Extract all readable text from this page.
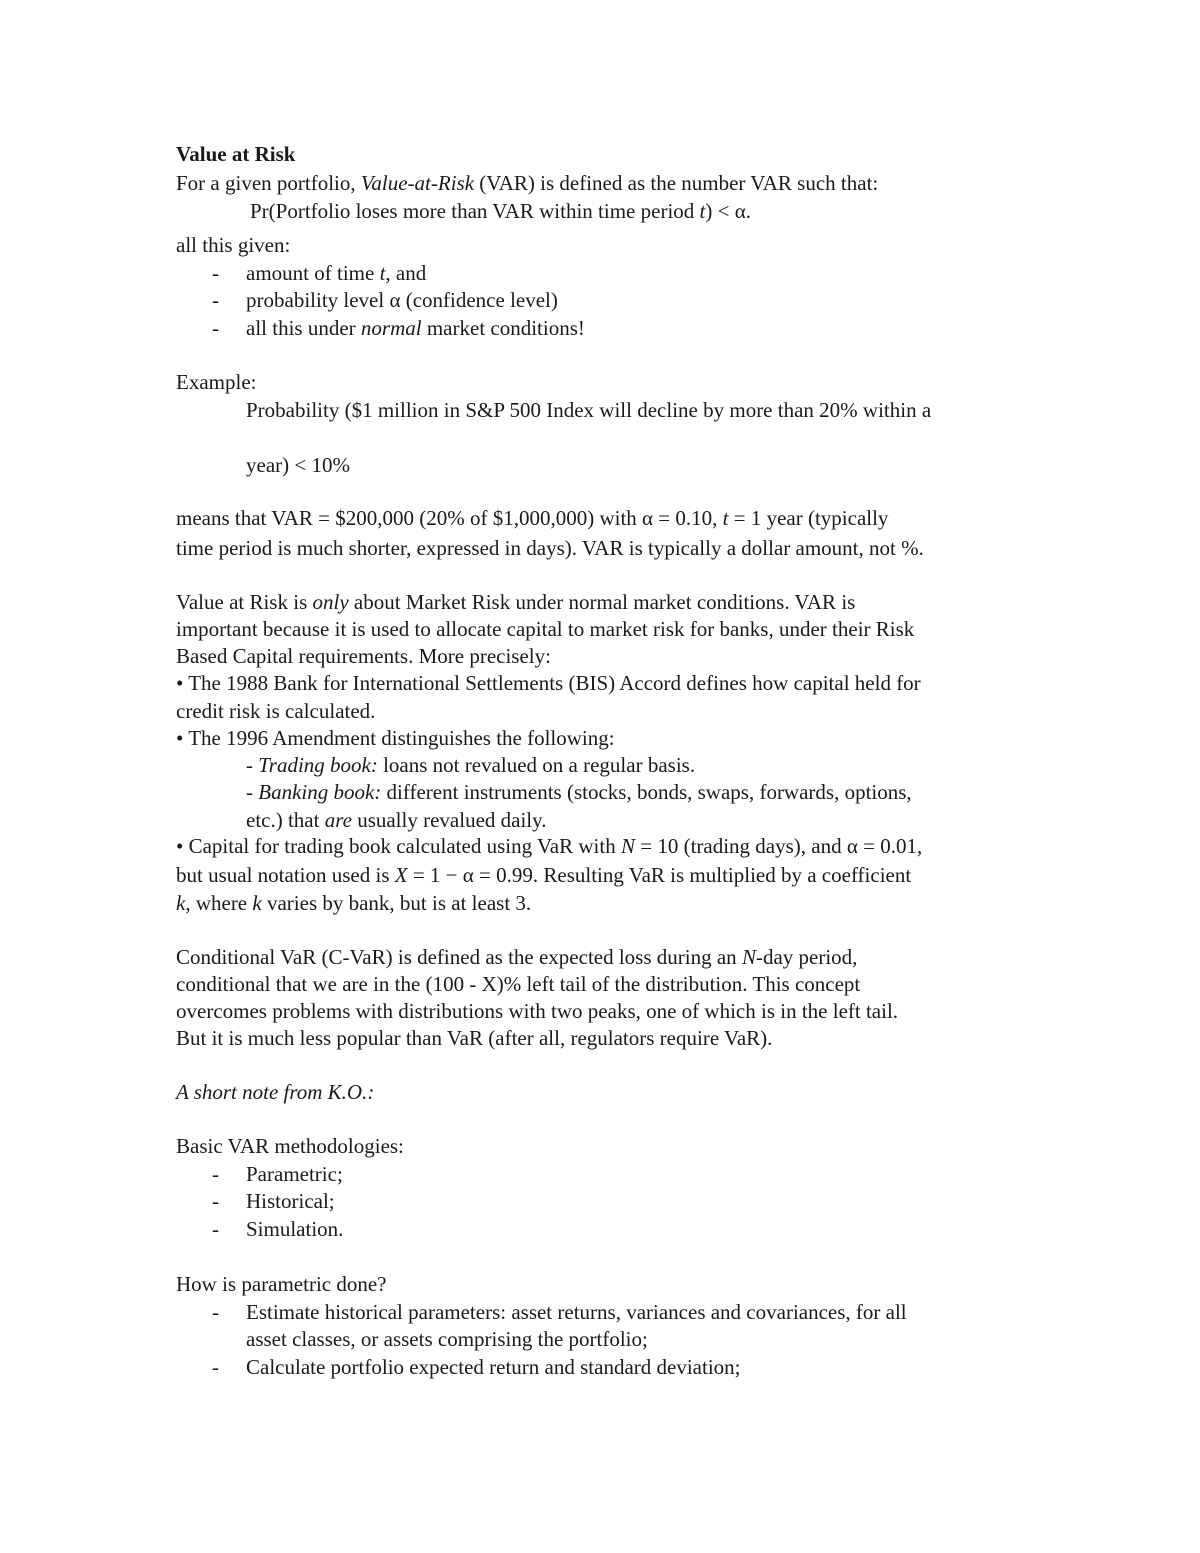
Value at Risk
For a given portfolio, Value-at-Risk (VAR) is defined as the number VAR such that:
Pr(Portfolio loses more than VAR within time period t) < α.
all this given:
- amount of time t, and
- probability level α (confidence level)
- all this under normal market conditions!
Example:
Probability ($1 million in S&P 500 Index will decline by more than 20% within a
year) < 10%
means that VAR = $200,000 (20% of $1,000,000) with α = 0.10, t = 1 year (typically
time period is much shorter, expressed in days). VAR is typically a dollar amount, not %.
Value at Risk is only about Market Risk under normal market conditions. VAR is
important because it is used to allocate capital to market risk for banks, under their Risk
Based Capital requirements. More precisely:
• The 1988 Bank for International Settlements (BIS) Accord defines how capital held for
credit risk is calculated.
• The 1996 Amendment distinguishes the following:
- Trading book: loans not revalued on a regular basis.
- Banking book: different instruments (stocks, bonds, swaps, forwards, options,
etc.) that are usually revalued daily.
• Capital for trading book calculated using VaR with N = 10 (trading days), and α = 0.01,
but usual notation used is X = 1 − α = 0.99. Resulting VaR is multiplied by a coefficient
k, where k varies by bank, but is at least 3.
Conditional VaR (C-VaR) is defined as the expected loss during an N-day period,
conditional that we are in the (100 - X)% left tail of the distribution. This concept
overcomes problems with distributions with two peaks, one of which is in the left tail.
But it is much less popular than VaR (after all, regulators require VaR).
A short note from K.O.:
Basic VAR methodologies:
- Parametric;
- Historical;
- Simulation.
How is parametric done?
- Estimate historical parameters: asset returns, variances and covariances, for all
asset classes, or assets comprising the portfolio;
- Calculate portfolio expected return and standard deviation;
